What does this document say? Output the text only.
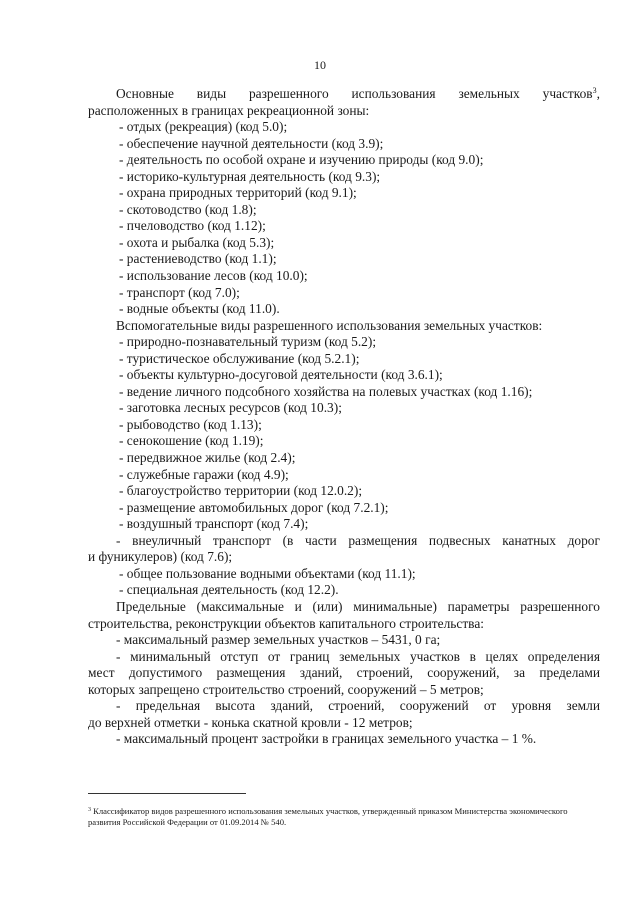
10
Основные виды разрешенного использования земельных участков$^3$,
расположенных в границах рекреационной зоны:
- отдых (рекреация) (код 5.0);
- обеспечение научной деятельности (код 3.9);
- деятельность по особой охране и изучению природы (код 9.0);
- историко-культурная деятельность (код 9.3);
- охрана природных территорий (код 9.1);
- скотоводство (код 1.8);
- пчеловодство (код 1.12);
- охота и рыбалка (код 5.3);
- растениеводство (код 1.1);
- использование лесов (код 10.0);
- транспорт (код 7.0);
- водные объекты (код 11.0).
Вспомогательные виды разрешенного использования земельных участков:
- природно-познавательный туризм (код 5.2);
- туристическое обслуживание (код 5.2.1);
- объекты культурно-досуговой деятельности (код 3.6.1);
- ведение личного подсобного хозяйства на полевых участках (код 1.16);
- заготовка лесных ресурсов (код 10.3);
- рыбоводство (код 1.13);
- сенокошение (код 1.19);
- передвижное жилье (код 2.4);
- служебные гаражи (код 4.9);
- благоустройство территории (код 12.0.2);
- размещение автомобильных дорог (код 7.2.1);
- воздушный транспорт (код 7.4);
- внеуличный транспорт (в части размещения подвесных канатных дорог
и фуникулеров) (код 7.6);
- общее пользование водными объектами (код 11.1);
- специальная деятельность (код 12.2).
Предельные (максимальные и (или) минимальные) параметры разрешенного
строительства, реконструкции объектов капитального строительства:
- максимальный размер земельных участков – 5431, 0 га;
- минимальный отступ от границ земельных участков в целях определения
мест допустимого размещения зданий, строений, сооружений, за пределами
которых запрещено строительство строений, сооружений – 5 метров;
- предельная высота зданий, строений, сооружений от уровня земли
до верхней отметки - конька скатной кровли - 12 метров;
- максимальный процент застройки в границах земельного участка – 1 %.
$^3$ Классификатор видов разрешенного использования земельных участков, утвержденный приказом Министерства экономического
развития Российской Федерации от 01.09.2014 № 540.
